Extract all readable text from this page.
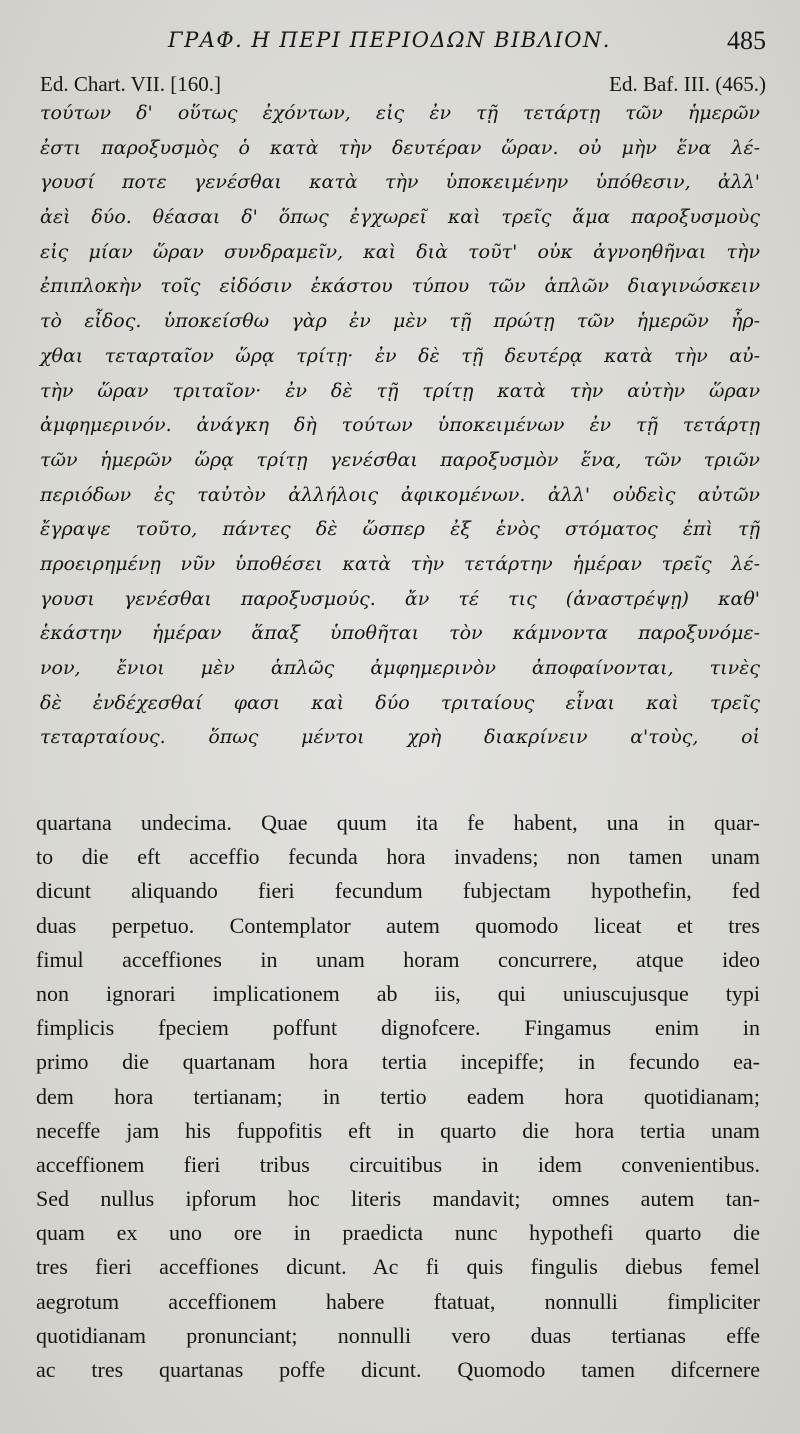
ΓΡΑΦ. Η ΠΕΡΙ ΠΕΡΙΟΔΩΝ ΒΙΒΛΙΟΝ.	485
Ed. Chart. VII. [160.]	Ed. Baf. III. (465.)
τούτων δ' οὕτως ἐχόντων, εἰς ἐν τῇ τετάρτῃ τῶν ἡμερῶν
ἐστι παροξυσμὸς ὁ κατὰ τὴν δευτέραν ὥραν. οὐ μὴν ἕνα λέ-
γουσί ποτε γενέσθαι κατὰ τὴν ὑποκειμένην ὑπόθεσιν, ἀλλ'
ἀεὶ δύο. θέασαι δ' ὅπως ἐγχωρεῖ καὶ τρεῖς ἅμα παροξυσμοὺς
εἰς μίαν ὥραν συνδραμεῖν, καὶ διὰ τοῦτ' οὐκ ἀγνοηθῆναι τὴν
ἐπιπλοκὴν τοῖς εἰδόσιν ἑκάστου τύπου τῶν ἁπλῶν διαγινώσκειν
τὸ εἶδος. ὑποκείσθω γὰρ ἐν μὲν τῇ πρώτῃ τῶν ἡμερῶν ἦρ-
χθαι τεταρταῖον ὥρᾳ τρίτῃ· ἐν δὲ τῇ δευτέρᾳ κατὰ τὴν αὐ-
τὴν ὥραν τριταῖον· ἐν δὲ τῇ τρίτῃ κατὰ τὴν αὐτὴν ὥραν
ἀμφημερινόν. ἀνάγκη δὴ τούτων ὑποκειμένων ἐν τῇ τετάρτῃ
τῶν ἡμερῶν ὥρᾳ τρίτῃ γενέσθαι παροξυσμὸν ἕνα, τῶν τριῶν
περιόδων ἐς ταὐτὸν ἀλλήλοις ἀφικομένων. ἀλλ' οὐδεὶς αὐτῶν
ἔγραψε τοῦτο, πάντες δὲ ὥσπερ ἐξ ἑνὸς στόματος ἐπὶ τῇ
προειρημένῃ νῦν ὑποθέσει κατὰ τὴν τετάρτην ἡμέραν τρεῖς λέ-
γουσι γενέσθαι παροξυσμούς. ἄν τέ τις (ἀναστρέψῃ) καθ'
ἑκάστην ἡμέραν ἅπαξ ὑποθῆται τὸν κάμνοντα παροξυνόμε-
νον, ἔνιοι μὲν ἁπλῶς ἀμφημερινὸν ἀποφαίνονται, τινὲς
δὲ ἐνδέχεσθαί φασι καὶ δύο τριταίους εἶναι καὶ τρεῖς
τεταρταίους. ὅπως μέντοι χρὴ διακρίνειν α'τοὺς, οἱ
quartana undecima. Quae quum ita fe habent, una in quar-
to die eft acceffio fecunda hora invadens; non tamen unam
dicunt aliquando fieri fecundum fubjectam hypothefin, fed
duas perpetuo. Contemplator autem quomodo liceat et tres
fimul acceffiones in unam horam concurrere, atque ideo
non ignorari implicationem ab iis, qui uniuscujusque typi
fimplicis fpeciem poffunt dignofcere. Fingamus enim in
primo die quartanam hora tertia incepiffe; in fecundo ea-
dem hora tertianam; in tertio eadem hora quotidianam;
neceffe jam his fuppofitis eft in quarto die hora tertia unam
acceffionem fieri tribus circuitibus in idem convenientibus.
Sed nullus ipforum hoc literis mandavit; omnes autem tan-
quam ex uno ore in praedicta nunc hypothefi quarto die
tres fieri acceffiones dicunt. Ac fi quis fingulis diebus femel
aegrotum acceffionem habere ftatuat, nonnulli fimpliciter
quotidianam pronunciant; nonnulli vero duas tertianas effe
ac tres quartanas poffe dicunt. Quomodo tamen difcernere
